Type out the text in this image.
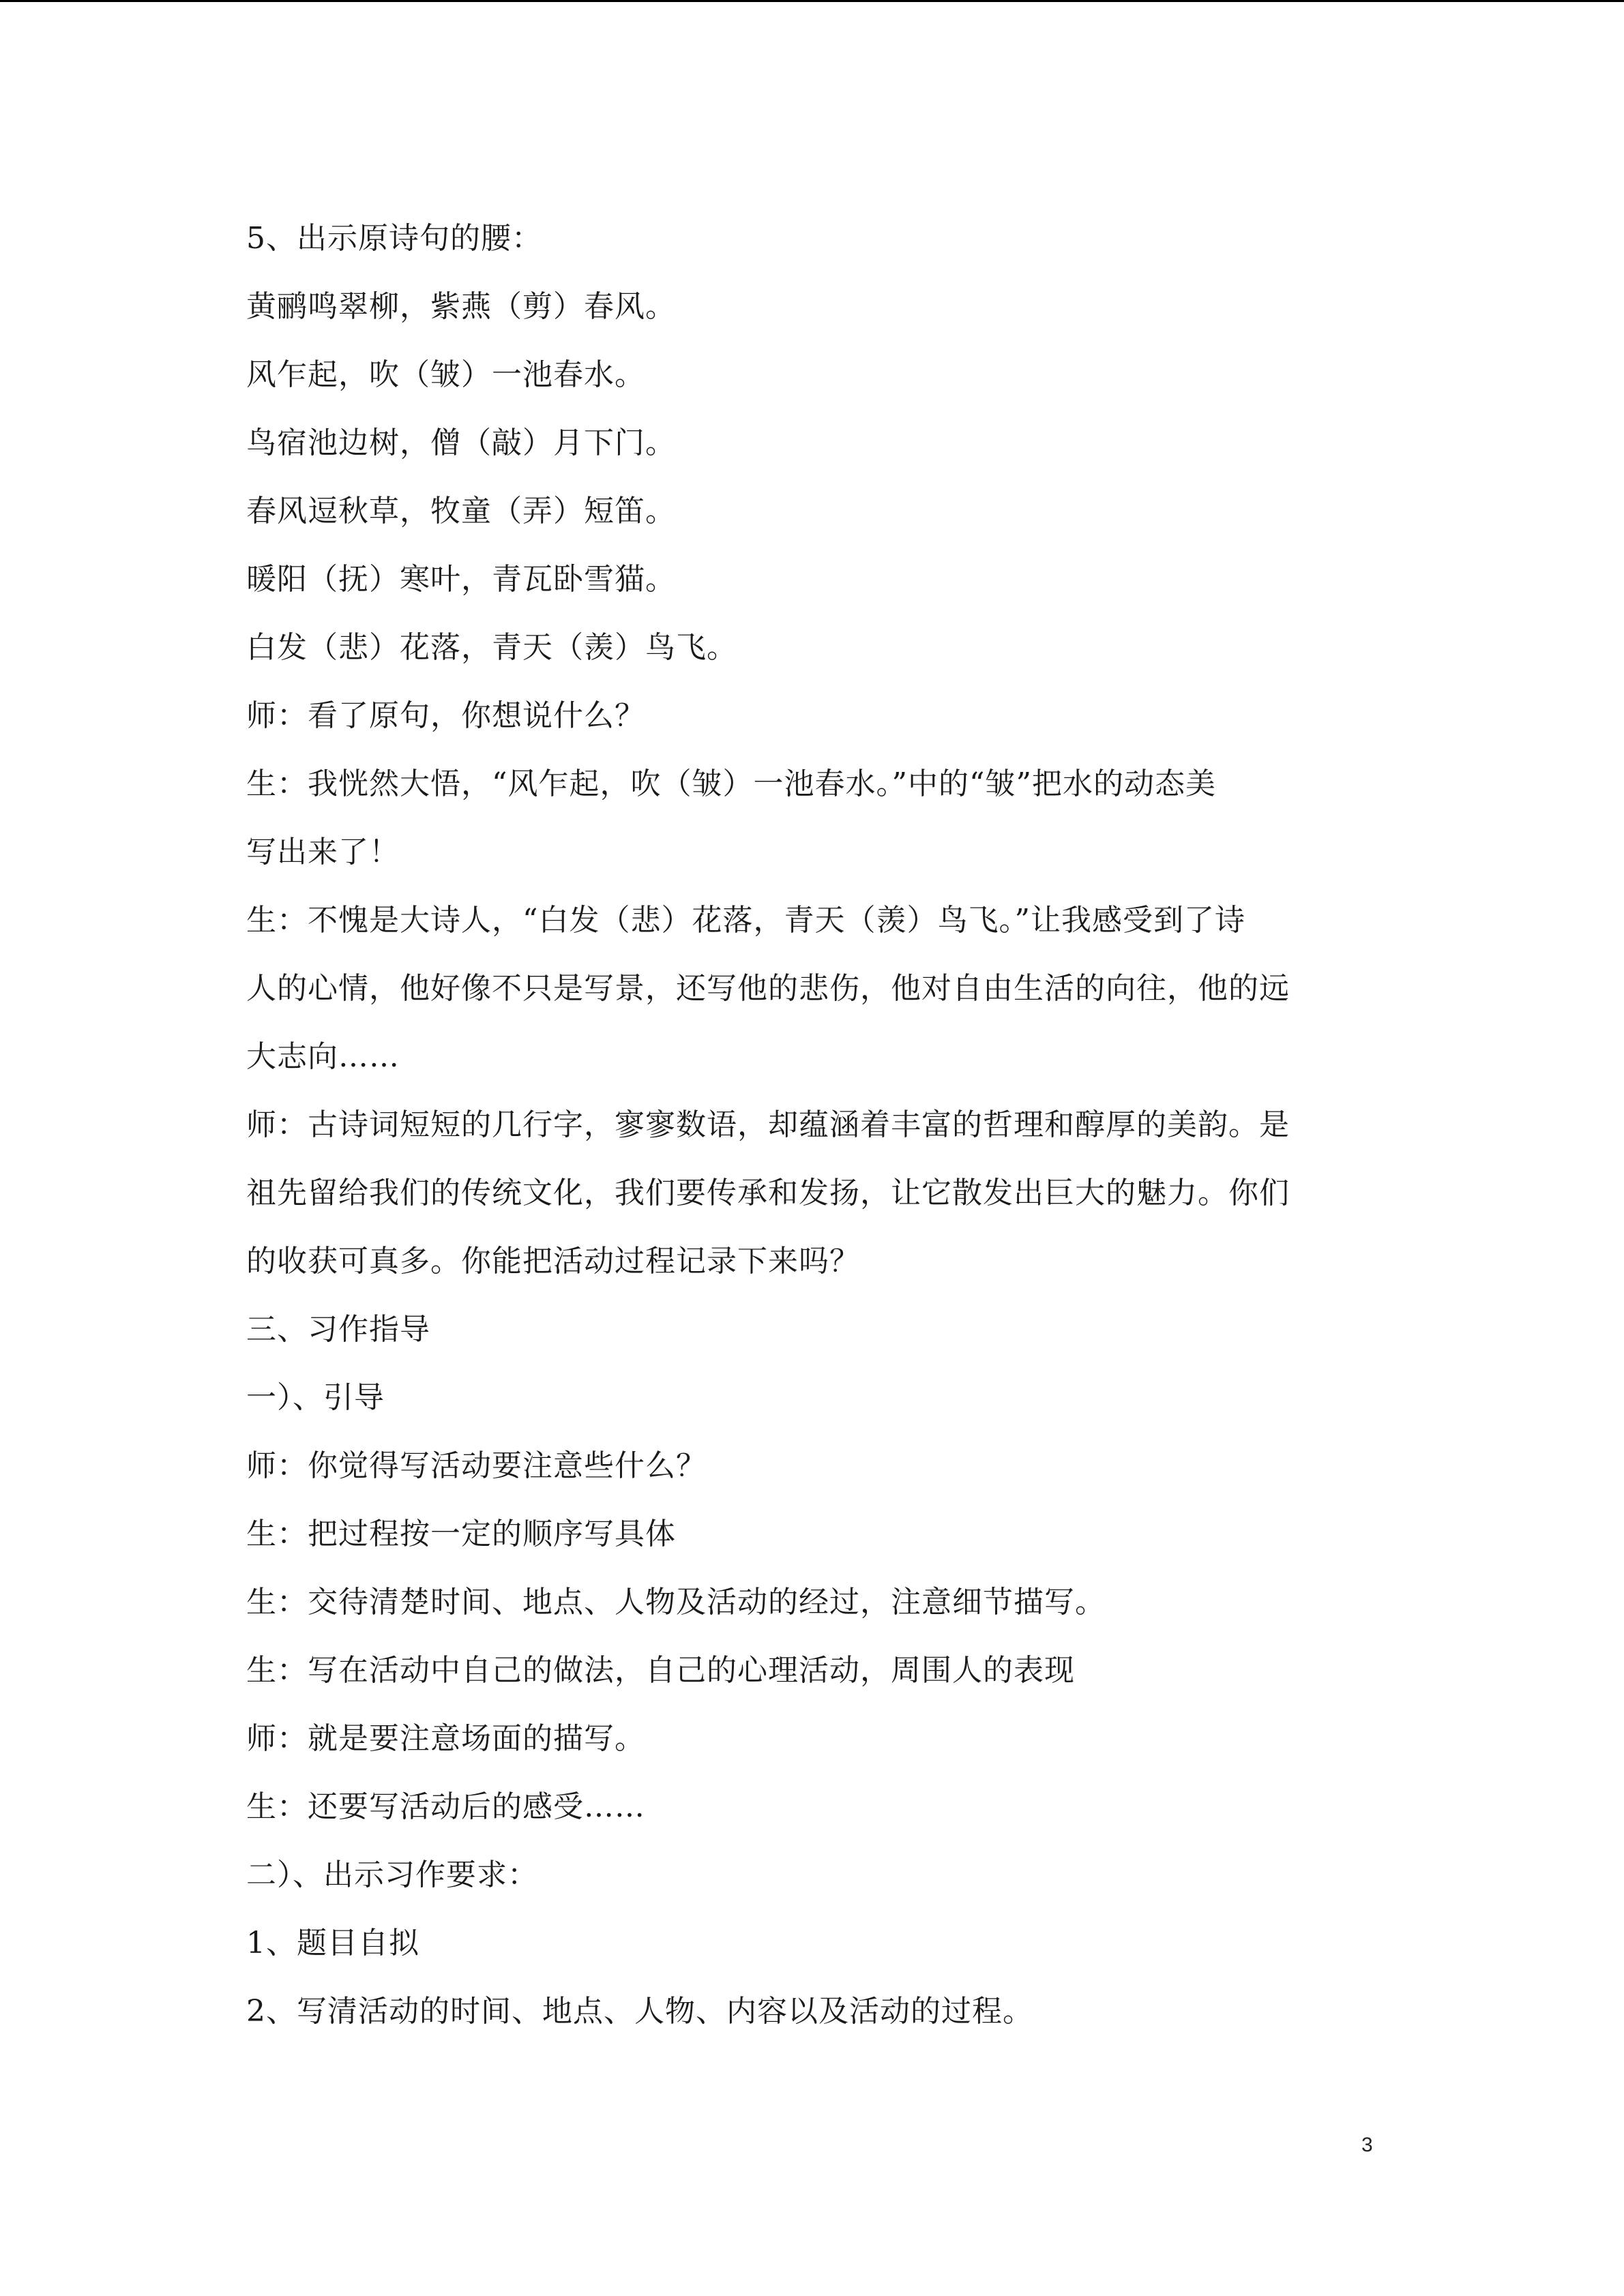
5、出示原诗句的腰：
黄鹂鸣翠柳，紫燕（剪）春风。
风乍起，吹（皱）一池春水。
鸟宿池边树，僧（敲）月下门。
春风逗秋草，牧童（弄）短笛。
暖阳（抚）寒叶，青瓦卧雪猫。
白发（悲）花落，青天（羡）鸟飞。
师：看了原句，你想说什么？
生：我恍然大悟，“风乍起，吹（皱）一池春水。”中的“皱”把水的动态美
写出来了！
生：不愧是大诗人，“白发（悲）花落，青天（羡）鸟飞。”让我感受到了诗
人的心情，他好像不只是写景，还写他的悲伤，他对自由生活的向往，他的远
大志向……
师：古诗词短短的几行字，寥寥数语，却蕴涵着丰富的哲理和醇厚的美韵。是
祖先留给我们的传统文化，我们要传承和发扬，让它散发出巨大的魅力。你们
的收获可真多。你能把活动过程记录下来吗？
三、习作指导
一）、引导
师：你觉得写活动要注意些什么？
生：把过程按一定的顺序写具体
生：交待清楚时间、地点、人物及活动的经过，注意细节描写。
生：写在活动中自己的做法，自己的心理活动，周围人的表现
师：就是要注意场面的描写。
生：还要写活动后的感受……
二）、出示习作要求：
1、题目自拟
2、写清活动的时间、地点、人物、内容以及活动的过程。
3
